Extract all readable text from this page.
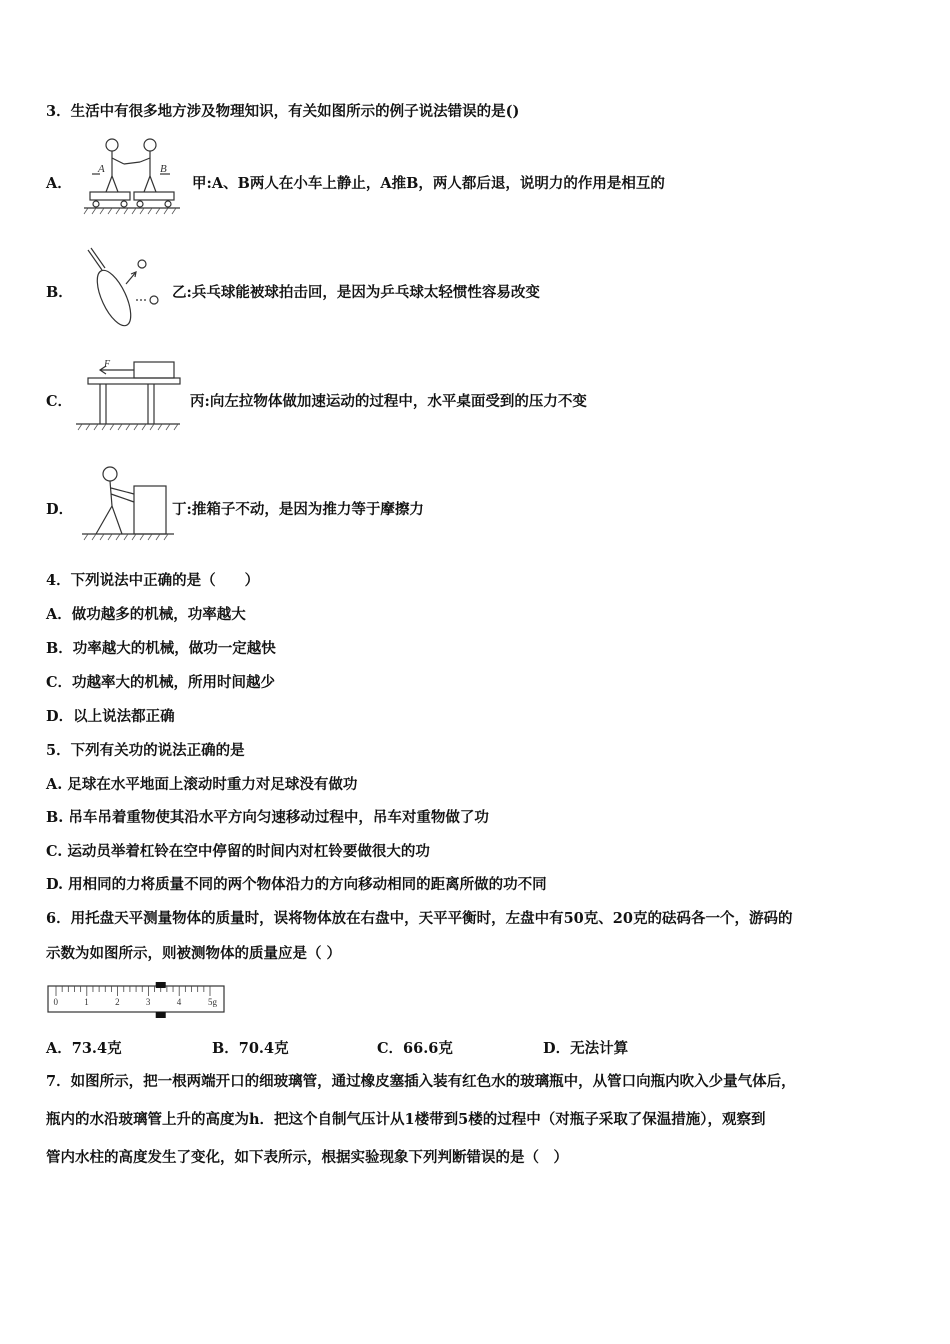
3．生活中有很多地方涉及物理知识，有关如图所示的例子说法错误的是()
A．
A	B
甲:A、B两人在小车上静止，A推B，两人都后退，说明力的作用是相互的
B．	乙:兵乓球能被球拍击回，是因为乒乓球太轻惯性容易改变
C．
F
丙:向左拉物体做加速运动的过程中，水平桌面受到的压力不变
D．	丁:推箱子不动，是因为推力等于摩擦力
4．下列说法中正确的是（　　）
A．做功越多的机械，功率越大
B．功率越大的机械，做功一定越快
C．功越率大的机械，所用时间越少
D．以上说法都正确
5．下列有关功的说法正确的是
A. 足球在水平地面上滚动时重力对足球没有做功
B. 吊车吊着重物使其沿水平方向匀速移动过程中，吊车对重物做了功
C. 运动员举着杠铃在空中停留的时间内对杠铃要做很大的功
D. 用相同的力将质量不同的两个物体沿力的方向移动相同的距离所做的功不同
6．用托盘天平测量物体的质量时，误将物体放在右盘中，天平平衡时，左盘中有50克、20克的砝码各一个，游码的
示数为如图所示，则被测物体的质量应是（ ）
0	1	2	3	4	5g
A．73.4克	B．70.4克	C．66.6克	D．无法计算
7．如图所示，把一根两端开口的细玻璃管，通过橡皮塞插入装有红色水的玻璃瓶中，从管口向瓶内吹入少量气体后，
瓶内的水沿玻璃管上升的高度为h．把这个自制气压计从1楼带到5楼的过程中（对瓶子采取了保温措施），观察到
管内水柱的高度发生了变化，如下表所示，根据实验现象下列判断错误的是（　）
